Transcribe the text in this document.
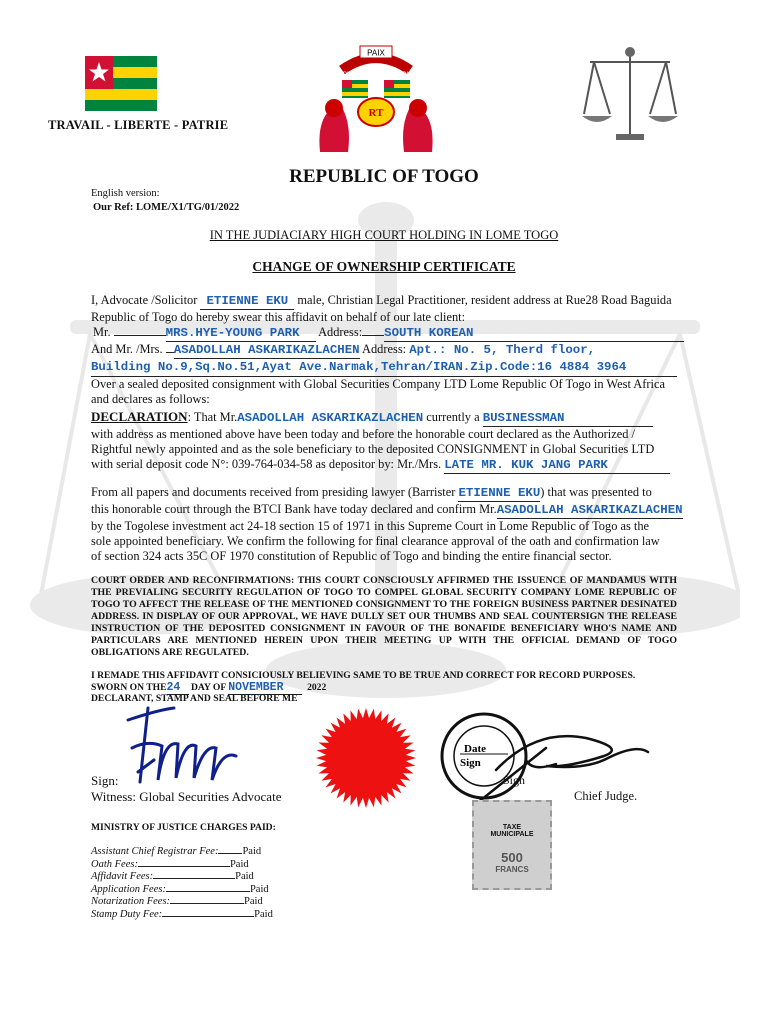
TRAVAIL - LIBERTE - PATRIE
PAIX
UNION	SOLIDARITE
RT
REPUBLIC OF TOGO
English version:
Our Ref: LOME/X1/TG/01/2022
IN THE JUDIACIARY HIGH COURT HOLDING IN LOME TOGO
CHANGE OF OWNERSHIP CERTIFICATE
I, Advocate /Solicitor ETIENNE EKU male, Christian Legal Practitioner, resident address at Rue28 Road Baguida
Republic of Togo do hereby swear this affidavit on behalf of our late client:
Mr.	MRS.HYE-YOUNG PARK Address: SOUTH KOREAN
And Mr. /Mrs. ASADOLLAH ASKARIKAZLACHEN Address: Apt.: No. 5, Therd floor,
Building No.9,Sq.No.51,Ayat Ave.Narmak,Tehran/IRAN.Zip.Code:16 4884 3964
Over a sealed deposited consignment with Global Securities Company LTD Lome Republic Of Togo in West Africa
and declares as follows:
DECLARATION: That Mr.ASADOLLAH ASKARIKAZLACHEN currently a BUSINESSMAN
with address as mentioned above have been today and before the honorable court declared as the Authorized /
Rightful newly appointed and as the sole beneficiary to the deposited CONSIGNMENT in Global Securities LTD
with serial deposit code N°: 039-764-034-58 as depositor by: Mr./Mrs. LATE MR. KUK JANG PARK
From all papers and documents received from presiding lawyer (Barrister ETIENNE EKU) that was presented to
this honorable court through the BTCI Bank have today declared and confirm Mr.ASADOLLAH ASKARIKAZLACHEN
by the Togolese investment act 24-18 section 15 of 1971 in this Supreme Court in Lome Republic of Togo as the
sole appointed beneficiary. We confirm the following for final clearance approval of the oath and confirmation law
of section 324 acts 35C OF 1970 constitution of Republic of Togo and binding the entire financial sector.
COURT ORDER AND RECONFIRMATIONS: THIS COURT CONSCIOUSLY AFFIRMED THE ISSUENCE OF MANDAMUS WITH THE PREVIALING SECURITY REGULATION OF TOGO TO COMPEL GLOBAL SECURITY COMPANY LOME REPUBLIC OF TOGO TO AFFECT THE RELEASE OF THE MENTIONED CONSIGNMENT TO THE FOREIGN BUSINESS PARTNER DESINATED ADDRESS. IN DISPLAY OF OUR APPROVAL, WE HAVE DULLY SET OUR THUMBS AND SEAL COUNTERSIGN THE RELEASE INSTRUCTION OF THE DEPOSITED CONSIGNMENT IN FAVOUR OF THE BONAFIDE BENEFICIARY WHO'S NAME AND PARTICULARS ARE MENTIONED HEREIN UPON THEIR MEETING UP WITH THE OFFICIAL DEMAND OF TOGO OBLIGATIONS ARE REGULATED.
I REMADE THIS AFFIDAVIT CONSICIOUSLY BELIEVING SAME TO BE TRUE AND CORRECT FOR RECORD PURPOSES.
SWORN ON THE24 DAY OF NOVEMBER 2022
DECLARANT, STAMP AND SEAL BEFORE ME
Date
Sign
Sign:
Witness: Global Securities Advocate
Sign
Chief Judge.
TAXE
MUNICIPALE
500
FRANCS
MINISTRY OF JUSTICE CHARGES PAID:
Assistant Chief Registrar Fee: Paid
Oath Fees:	Paid
Affidavit Fees:	Paid
Application Fees:	Paid
Notarization Fees:	Paid
Stamp Duty Fee:	Paid
